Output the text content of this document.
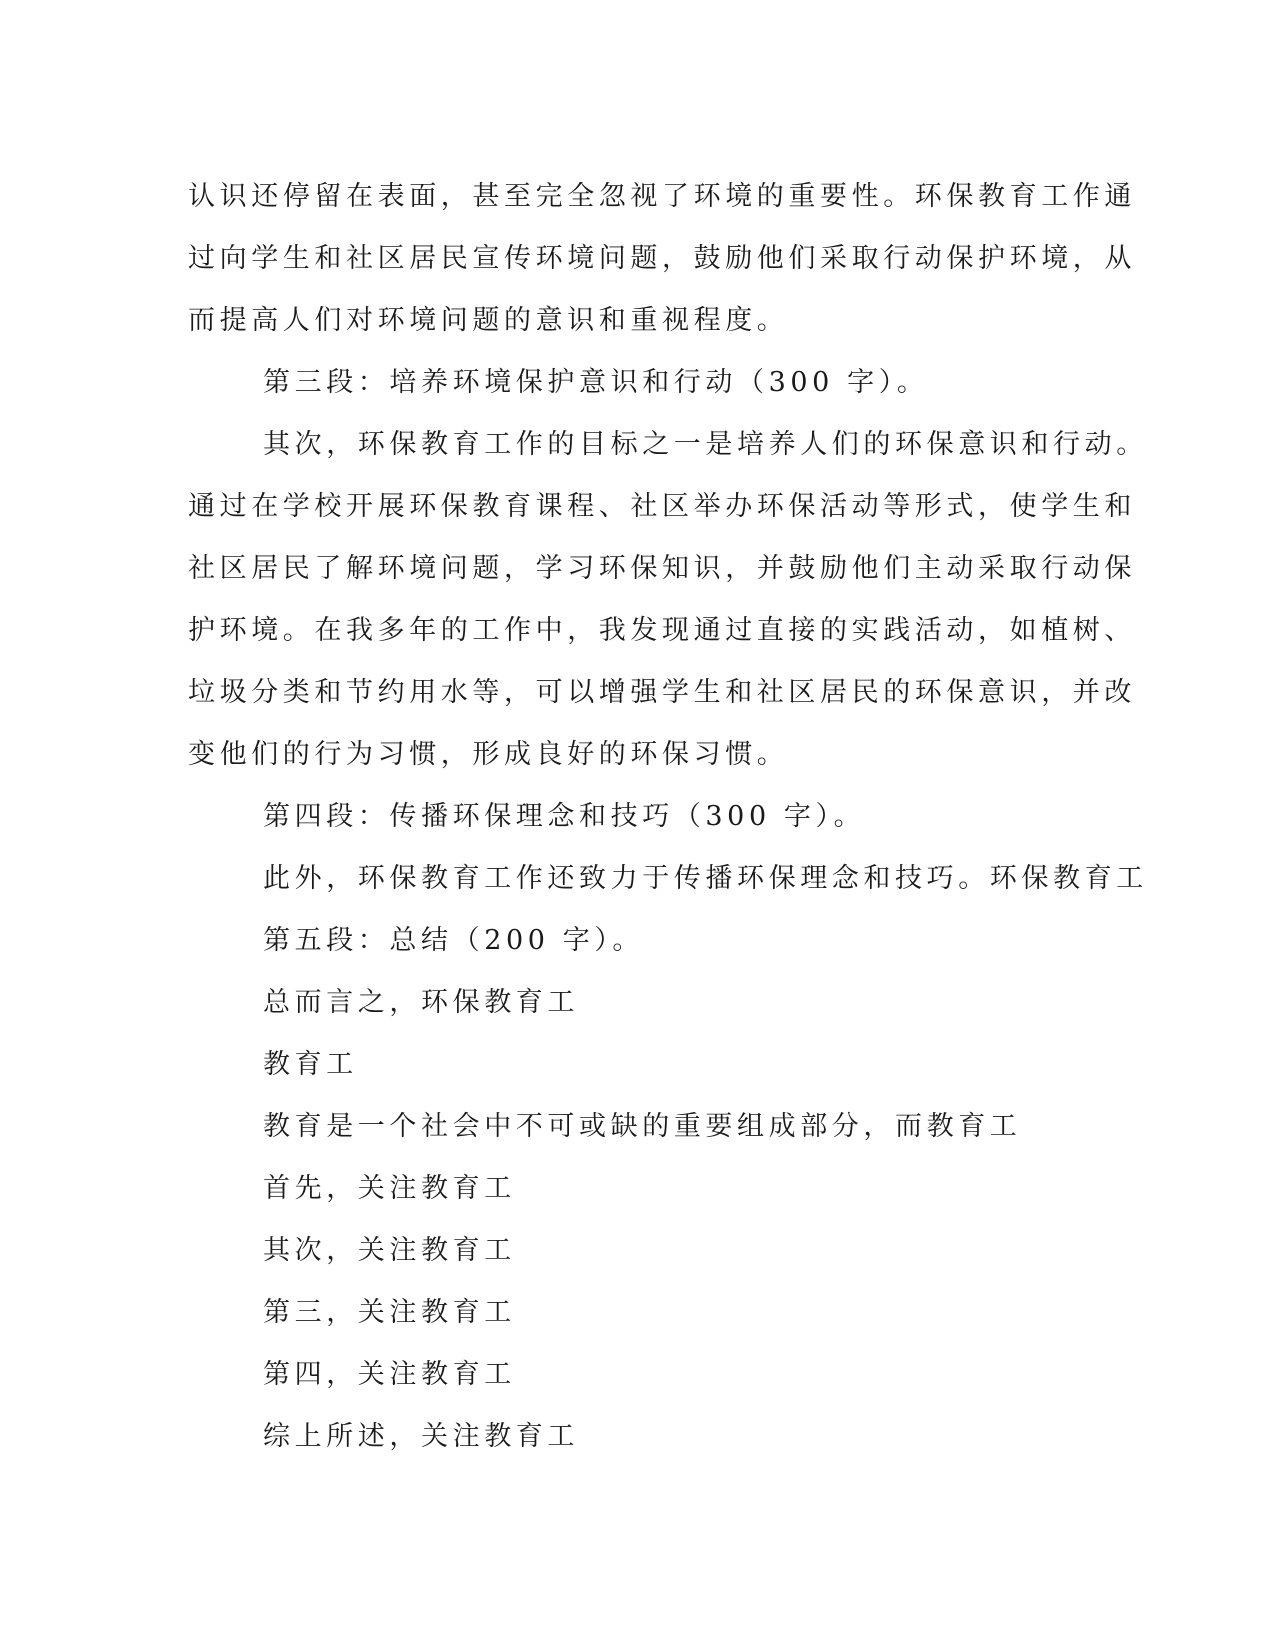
认识还停留在表面，甚至完全忽视了环境的重要性。环保教育工作通
过向学生和社区居民宣传环境问题，鼓励他们采取行动保护环境，从
而提高人们对环境问题的意识和重视程度。
第三段：培养环境保护意识和行动（300 字）。
其次，环保教育工作的目标之一是培养人们的环保意识和行动。
通过在学校开展环保教育课程、社区举办环保活动等形式，使学生和
社区居民了解环境问题，学习环保知识，并鼓励他们主动采取行动保
护环境。在我多年的工作中，我发现通过直接的实践活动，如植树、
垃圾分类和节约用水等，可以增强学生和社区居民的环保意识，并改
变他们的行为习惯，形成良好的环保习惯。
第四段：传播环保理念和技巧（300 字）。
此外，环保教育工作还致力于传播环保理念和技巧。环保教育工
第五段：总结（200 字）。
总而言之，环保教育工
教育工
教育是一个社会中不可或缺的重要组成部分，而教育工
首先，关注教育工
其次，关注教育工
第三，关注教育工
第四，关注教育工
综上所述，关注教育工
